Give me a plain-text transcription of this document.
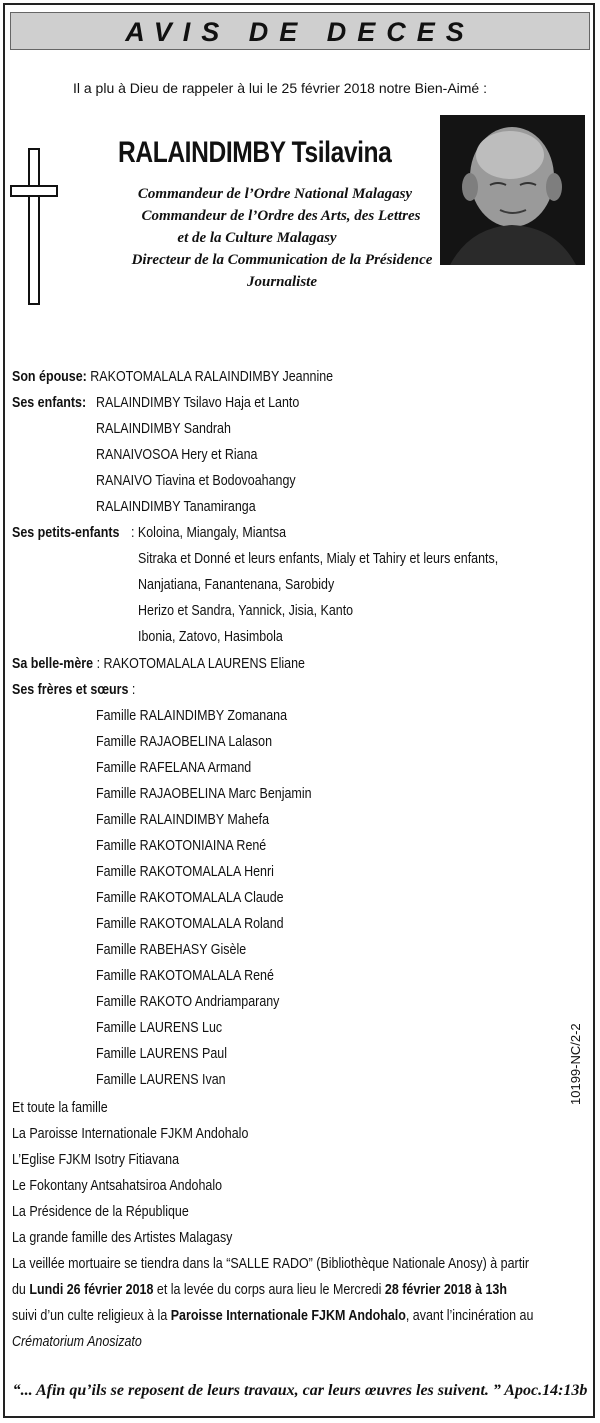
AVIS DE DECES
Il a plu à Dieu de rappeler à lui le 25 février 2018 notre Bien-Aimé :
RALAINDIMBY Tsilavina
Commandeur de l’Ordre National Malagasy
Commandeur de l’Ordre des Arts, des Lettres
et de la Culture Malagasy
Directeur de la Communication de la Présidence
Journaliste
Son épouse: RAKOTOMALALA RALAINDIMBY Jeannine
Ses enfants: RALAINDIMBY Tsilavo Haja et Lanto
RALAINDIMBY Sandrah
RANAIVOSOA Hery et Riana
RANAIVO Tiavina et Bodovoahangy
RALAINDIMBY Tanamiranga
Ses petits-enfants : Koloina, Miangaly, Miantsa
Sitraka et Donné et leurs enfants, Mialy et Tahiry et leurs enfants,
Nanjatiana, Fanantenana, Sarobidy
Herizo et Sandra, Yannick, Jisia, Kanto
Ibonia, Zatovo, Hasimbola
Sa belle-mère : RAKOTOMALALA LAURENS Eliane
Ses frères et sœurs :
Famille RALAINDIMBY Zomanana
Famille RAJAOBELINA Lalason
Famille RAFELANA Armand
Famille RAJAOBELINA Marc Benjamin
Famille RALAINDIMBY Mahefa
Famille RAKOTONIAINA René
Famille RAKOTOMALALA Henri
Famille RAKOTOMALALA Claude
Famille RAKOTOMALALA Roland
Famille RABEHASY Gisèle
Famille RAKOTOMALALA René
Famille RAKOTO Andriamparany
Famille LAURENS Luc
Famille LAURENS Paul
Famille LAURENS Ivan
Et toute la famille
La Paroisse Internationale FJKM Andohalo
L’Eglise FJKM Isotry Fitiavana
Le Fokontany Antsahatsiroa Andohalo
La Présidence de la République
La grande famille des Artistes Malagasy
La veillée mortuaire se tiendra dans la “SALLE RADO” (Bibliothèque Nationale Anosy) à partir
du Lundi 26 février 2018 et la levée du corps aura lieu le Mercredi 28 février 2018 à 13h
suivi d’un culte religieux à la Paroisse Internationale FJKM Andohalo, avant l’incinération au
Crématorium Anosizato
“... Afin qu’ils se reposent de leurs travaux, car leurs œuvres les suivent. ” Apoc.14:13b
10199-NC/2-2
